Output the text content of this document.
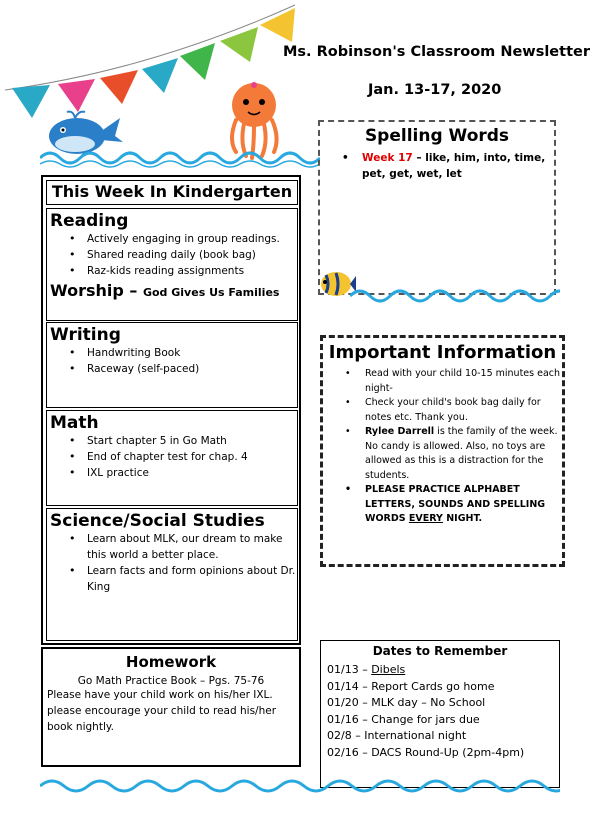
Ms. Robinson's Classroom Newsletter
Jan. 13-17, 2020
This Week In Kindergarten
Reading
• Actively engaging in group readings.
• Shared reading daily (book bag)
• Raz-kids reading assignments
Worship – God Gives Us Families
Writing
• Handwriting Book
• Raceway (self-paced)
Math
• Start chapter 5 in Go Math
• End of chapter test for chap. 4
• IXL practice
Science/Social Studies
• Learn about MLK, our dream to make this world a better place.
• Learn facts and form opinions about Dr. King
Spelling Words
• Week 17 – like, him, into, time, pet, get, wet, let
Important Information
• Read with your child 10-15 minutes each night-
• Check your child's book bag daily for notes etc. Thank you.
• Rylee Darrell is the family of the week. No candy is allowed. Also, no toys are allowed as this is a distraction for the students.
• PLEASE PRACTICE ALPHABET LETTERS, SOUNDS AND SPELLING WORDS EVERY NIGHT.
Homework
Go Math Practice Book – Pgs. 75-76
Please have your child work on his/her IXL. please encourage your child to read his/her book nightly.
Dates to Remember
01/13 – Dibels
01/14 – Report Cards go home
01/20 – MLK day – No School
01/16 – Change for jars due
02/8 – International night
02/16 – DACS Round-Up (2pm-4pm)
